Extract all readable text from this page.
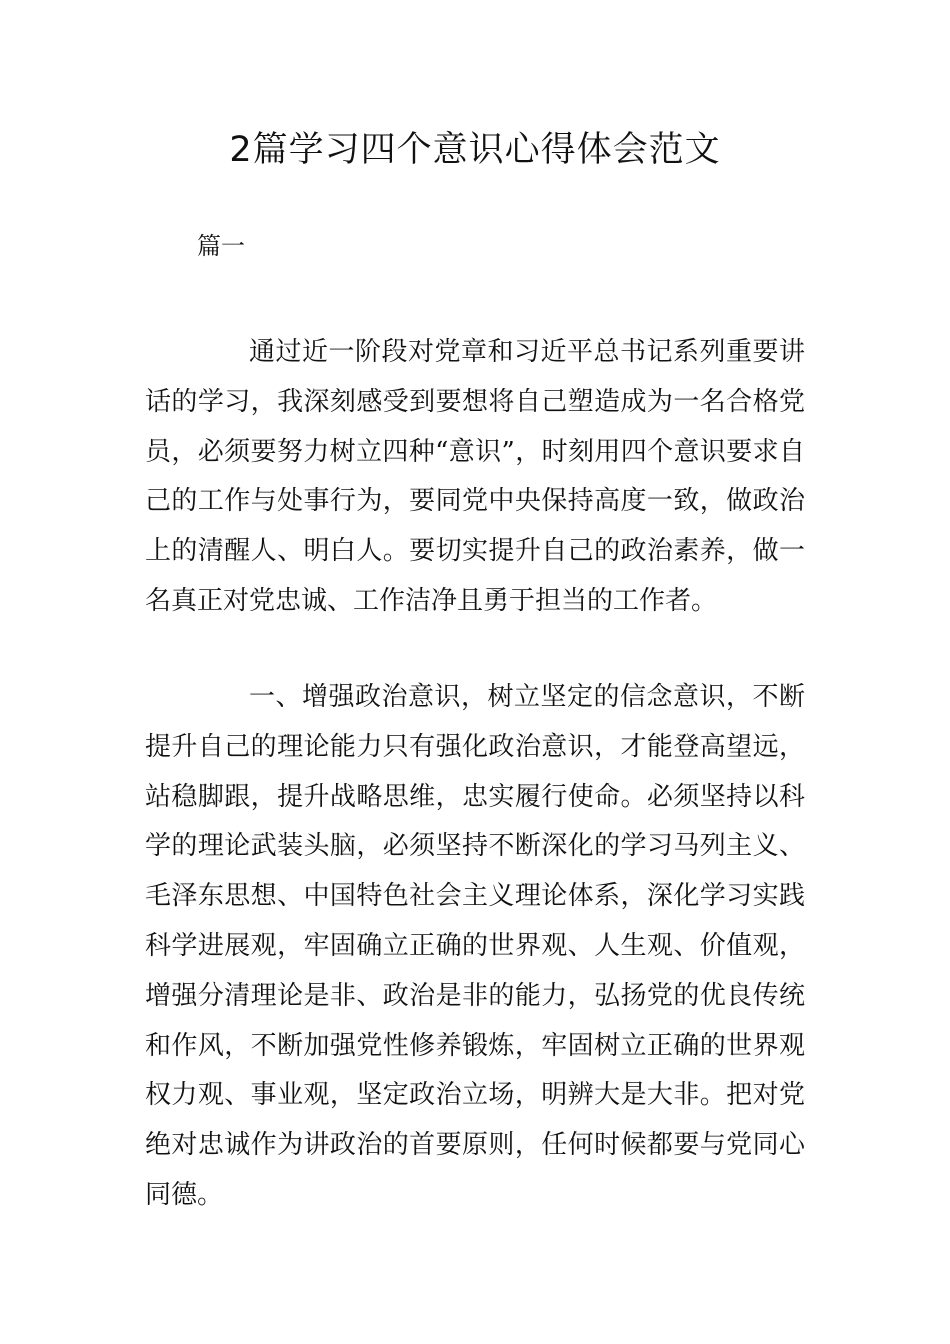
2篇学习四个意识心得体会范文
篇一

通过近一阶段对党章和习近平总书记系列重要讲话的学习，我深刻感受到要想将自己塑造成为一名合格党员，必须要努力树立四种“意识”，时刻用四个意识要求自己的工作与处事行为，要同党中央保持高度一致，做政治上的清醒人、明白人。要切实提升自己的政治素养，做一名真正对党忠诚、工作洁净且勇于担当的工作者。

一、增强政治意识，树立坚定的信念意识，不断提升自己的理论能力只有强化政治意识，才能登高望远，站稳脚跟，提升战略思维，忠实履行使命。必须坚持以科学的理论武装头脑，必须坚持不断深化的学习马列主义、毛泽东思想、中国特色社会主义理论体系，深化学习实践科学进展观，牢固确立正确的世界观、人生观、价值观，增强分清理论是非、政治是非的能力，弘扬党的优良传统和作风，不断加强党性修养锻炼，牢固树立正确的世界观权力观、事业观，坚定政治立场，明辨大是大非。把对党绝对忠诚作为讲政治的首要原则，任何时候都要与党同心同德。
